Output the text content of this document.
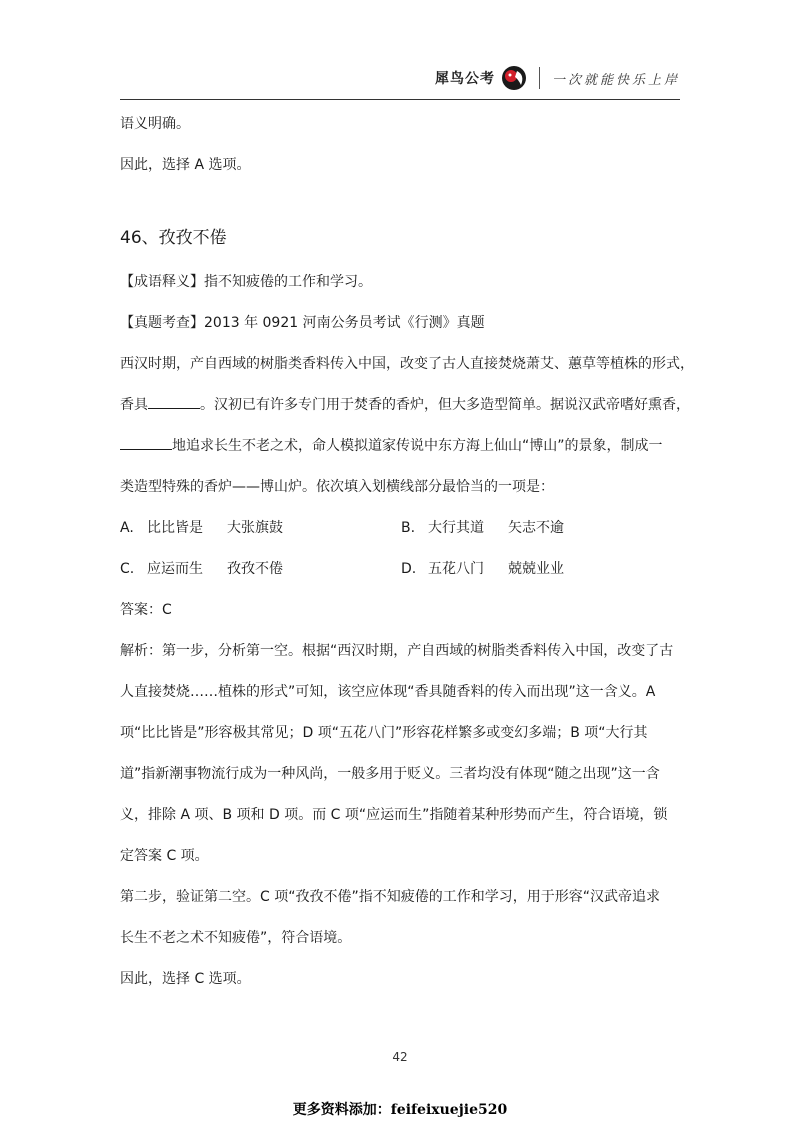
犀鸟公考	一次就能快乐上岸

语义明确。

因此，选择 A 选项。

46、孜孜不倦

【成语释义】指不知疲倦的工作和学习。

【真题考查】2013 年 0921 河南公务员考试《行测》真题

西汉时期，产自西域的树脂类香料传入中国，改变了古人直接焚烧萧艾、蕙草等植株的形式，

香具	。汉初已有许多专门用于焚香的香炉，但大多造型简单。据说汉武帝嗜好熏香，

地追求长生不老之术，命人模拟道家传说中东方海上仙山“博山”的景象，制成一

类造型特殊的香炉——博山炉。依次填入划横线部分最恰当的一项是：

A. 比比皆是 大张旗鼓	B. 大行其道 矢志不逾
C. 应运而生 孜孜不倦	D. 五花八门 兢兢业业

答案：C

解析：第一步，分析第一空。根据“西汉时期，产自西域的树脂类香料传入中国，改变了古

人直接焚烧……植株的形式”可知，该空应体现“香具随香料的传入而出现”这一含义。A

项“比比皆是”形容极其常见；D 项“五花八门”形容花样繁多或变幻多端；B 项“大行其

道”指新潮事物流行成为一种风尚，一般多用于贬义。三者均没有体现“随之出现”这一含

义，排除 A 项、B 项和 D 项。而 C 项“应运而生”指随着某种形势而产生，符合语境，锁

定答案 C 项。

第二步，验证第二空。C 项“孜孜不倦”指不知疲倦的工作和学习，用于形容“汉武帝追求

长生不老之术不知疲倦”，符合语境。

因此，选择 C 选项。

42
更多资料添加：feifeixuejie520
